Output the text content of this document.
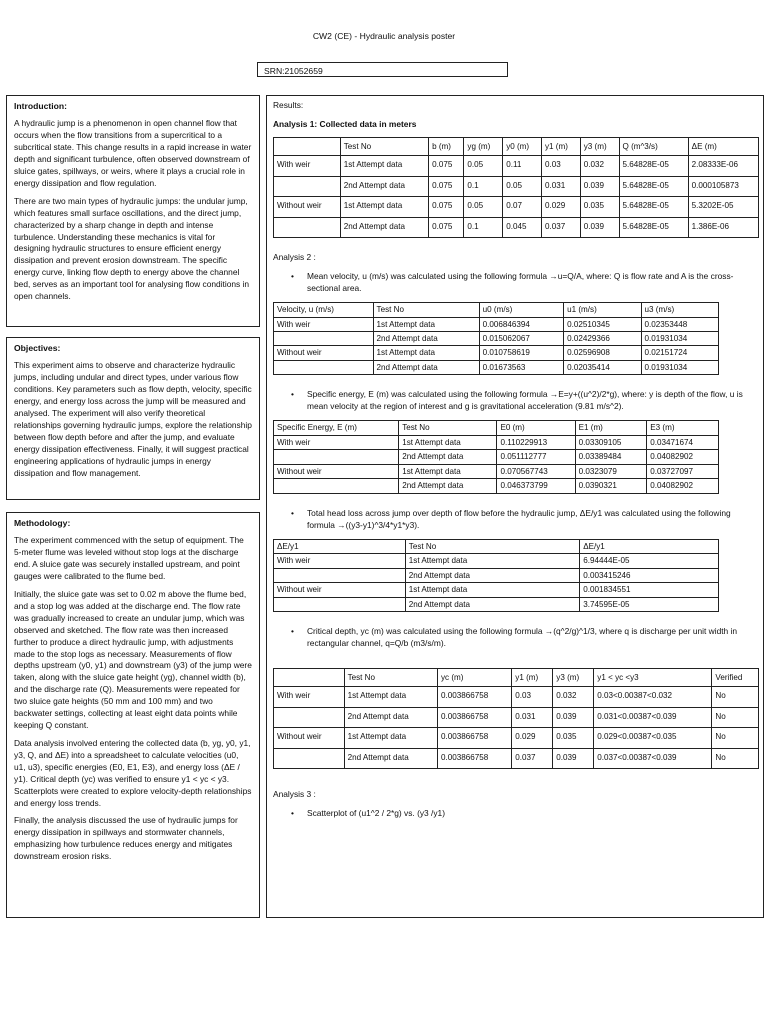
CW2 (CE) - Hydraulic analysis poster
SRN:21052659
Introduction:

A hydraulic jump is a phenomenon in open channel flow that occurs when the flow transitions from a supercritical to a subcritical state. This change results in a rapid increase in water depth and significant turbulence, often observed downstream of sluice gates, spillways, or weirs, where it plays a crucial role in energy dissipation and flow regulation.

There are two main types of hydraulic jumps: the undular jump, which features small surface oscillations, and the direct jump, characterized by a sharp change in depth and intense turbulence. Understanding these mechanics is vital for designing hydraulic structures to ensure efficient energy dissipation and prevent erosion downstream. The specific energy curve, linking flow depth to energy above the channel bed, serves as an important tool for analysing flow conditions in open channels.

Objectives:

This experiment aims to observe and characterize hydraulic jumps, including undular and direct types, under various flow conditions. Key parameters such as flow depth, velocity, specific energy, and energy loss across the jump will be measured and analysed. The experiment will also verify theoretical relationships governing hydraulic jumps, explore the relationship between flow depth before and after the jump, and evaluate energy dissipation effectiveness. Finally, it will suggest practical engineering applications of hydraulic jumps in energy dissipation and flow management.

Methodology:

The experiment commenced with the setup of equipment. The 5-meter flume was leveled without stop logs at the discharge end. A sluice gate was securely installed upstream, and point gauges were calibrated to the flume bed.

Initially, the sluice gate was set to 0.02 m above the flume bed, and a stop log was added at the discharge end. The flow rate was gradually increased to create an undular jump, which was observed and sketched. The flow rate was then increased further to produce a direct hydraulic jump, with adjustments made to the stop logs as necessary. Measurements of flow depths upstream (y0, y1) and downstream (y3) of the jump were taken, along with the sluice gate height (yg), channel width (b), and the discharge rate (Q). Measurements were repeated for two sluice gate heights (50 mm and 100 mm) and two backwater settings, collecting at least eight data points while keeping Q constant.

Data analysis involved entering the collected data (b, yg, y0, y1, y3, Q, and ΔE) into a spreadsheet to calculate velocities (u0, u1, u3), specific energies (E0, E1, E3), and energy loss (ΔE / y1). Critical depth (yc) was verified to ensure y1 < yc < y3. Scatterplots were created to explore velocity-depth relationships and energy loss trends.

Finally, the analysis discussed the use of hydraulic jumps for energy dissipation in spillways and stormwater channels, emphasizing how turbulence reduces energy and mitigates downstream erosion risks.

Results:

Analysis 1: Collected data in meters

	Test No	b (m)	yg (m)	y0 (m)	y1 (m)	y3 (m)	Q (m^3/s)	ΔE (m)
With weir	1st Attempt data	0.075	0.05	0.11	0.03	0.032	5.64828E-05	2.08333E-06
	2nd Attempt data	0.075	0.1	0.05	0.031	0.039	5.64828E-05	0.000105873
Without weir	1st Attempt data	0.075	0.05	0.07	0.029	0.035	5.64828E-05	5.3202E-05
	2nd Attempt data	0.075	0.1	0.045	0.037	0.039	5.64828E-05	1.386E-06

Analysis 2 :

• Mean velocity, u (m/s) was calculated using the following formula →u=Q/A, where: Q is flow rate and A is the cross-sectional area.

Velocity, u (m/s)	Test No	u0 (m/s)	u1 (m/s)	u3 (m/s)
With weir	1st Attempt data	0.006846394	0.02510345	0.02353448
	2nd Attempt data	0.015062067	0.02429366	0.01931034
Without weir	1st Attempt data	0.010758619	0.02596908	0.02151724
	2nd Attempt data	0.01673563	0.02035414	0.01931034

• Specific energy, E (m) was calculated using the following formula →E=y+((u^2)/2*g), where: y is depth of the flow, u is mean velocity at the region of interest and g is gravitational acceleration (9.81 m/s^2).

Specific Energy, E (m)	Test No	E0 (m)	E1 (m)	E3 (m)
With weir	1st Attempt data	0.110229913	0.03309105	0.03471674
	2nd Attempt data	0.051112777	0.03389484	0.04082902
Without weir	1st Attempt data	0.070567743	0.0323079	0.03727097
	2nd Attempt data	0.046373799	0.0390321	0.04082902

• Total head loss across jump over depth of flow before the hydraulic jump, ΔE/y1 was calculated using the following formula →((y3-y1)^3/4*y1*y3).

ΔE/y1	Test No	ΔE/y1
With weir	1st Attempt data	6.94444E-05
	2nd Attempt data	0.003415246
Without weir	1st Attempt data	0.001834551
	2nd Attempt data	3.74595E-05

• Critical depth, yc (m) was calculated using the following formula →(q^2/g)^1/3, where q is discharge per unit width in rectangular channel, q=Q/b (m3/s/m).

	Test No	yc (m)	y1 (m)	y3 (m)	y1 < yc <y3	Verified
With weir	1st Attempt data	0.003866758	0.03	0.032	0.03<0.00387<0.032	No
	2nd Attempt data	0.003866758	0.031	0.039	0.031<0.00387<0.039	No
Without weir	1st Attempt data	0.003866758	0.029	0.035	0.029<0.00387<0.035	No
	2nd Attempt data	0.003866758	0.037	0.039	0.037<0.00387<0.039	No

Analysis 3 :

• Scatterplot of (u1^2 / 2*g) vs. (y3 /y1)
